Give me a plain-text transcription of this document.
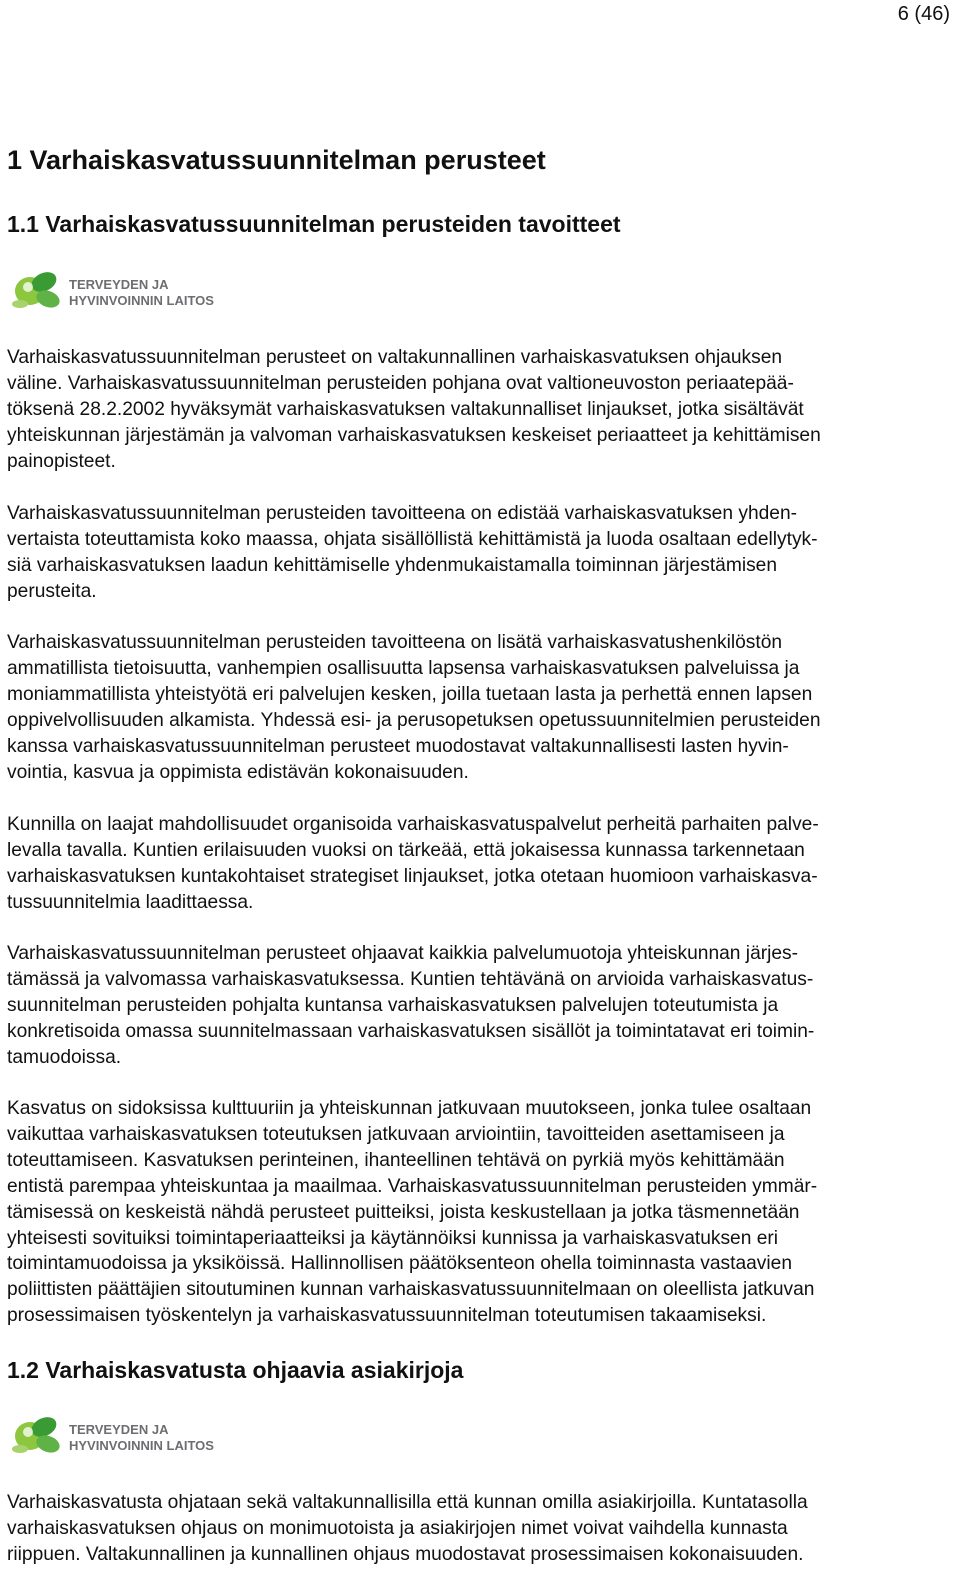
6 (46)
1 Varhaiskasvatussuunnitelman perusteet
1.1 Varhaiskasvatussuunnitelman perusteiden tavoitteet
TERVEYDEN JA
HYVINVOINNIN LAITOS

Varhaiskasvatussuunnitelman perusteet on valtakunnallinen varhaiskasvatuksen ohjauksen
väline. Varhaiskasvatussuunnitelman perusteiden pohjana ovat valtioneuvoston periaatepää-
töksenä 28.2.2002 hyväksymät varhaiskasvatuksen valtakunnalliset linjaukset, jotka sisältävät
yhteiskunnan järjestämän ja valvoman varhaiskasvatuksen keskeiset periaatteet ja kehittämisen
painopisteet.

Varhaiskasvatussuunnitelman perusteiden tavoitteena on edistää varhaiskasvatuksen yhden-
vertaista toteuttamista koko maassa, ohjata sisällöllistä kehittämistä ja luoda osaltaan edellytyk-
siä varhaiskasvatuksen laadun kehittämiselle yhdenmukaistamalla toiminnan järjestämisen
perusteita.

Varhaiskasvatussuunnitelman perusteiden tavoitteena on lisätä varhaiskasvatushenkilöstön
ammatillista tietoisuutta, vanhempien osallisuutta lapsensa varhaiskasvatuksen palveluissa ja
moniammatillista yhteistyötä eri palvelujen kesken, joilla tuetaan lasta ja perhettä ennen lapsen
oppivelvollisuuden alkamista. Yhdessä esi- ja perusopetuksen opetussuunnitelmien perusteiden
kanssa varhaiskasvatussuunnitelman perusteet muodostavat valtakunnallisesti lasten hyvin-
vointia, kasvua ja oppimista edistävän kokonaisuuden.

Kunnilla on laajat mahdollisuudet organisoida varhaiskasvatuspalvelut perheitä parhaiten palve-
levalla tavalla. Kuntien erilaisuuden vuoksi on tärkeää, että jokaisessa kunnassa tarkennetaan
varhaiskasvatuksen kuntakohtaiset strategiset linjaukset, jotka otetaan huomioon varhaiskasva-
tussuunnitelmia laadittaessa.

Varhaiskasvatussuunnitelman perusteet ohjaavat kaikkia palvelumuotoja yhteiskunnan järjes-
tämässä ja valvomassa varhaiskasvatuksessa. Kuntien tehtävänä on arvioida varhaiskasvatus-
suunnitelman perusteiden pohjalta kuntansa varhaiskasvatuksen palvelujen toteutumista ja
konkretisoida omassa suunnitelmassaan varhaiskasvatuksen sisällöt ja toimintatavat eri toimin-
tamuodoissa.

Kasvatus on sidoksissa kulttuuriin ja yhteiskunnan jatkuvaan muutokseen, jonka tulee osaltaan
vaikuttaa varhaiskasvatuksen toteutuksen jatkuvaan arviointiin, tavoitteiden asettamiseen ja
toteuttamiseen. Kasvatuksen perinteinen, ihanteellinen tehtävä on pyrkiä myös kehittämään
entistä parempaa yhteiskuntaa ja maailmaa. Varhaiskasvatussuunnitelman perusteiden ymmär-
tämisessä on keskeistä nähdä perusteet puitteiksi, joista keskustellaan ja jotka täsmennetään
yhteisesti sovituiksi toimintaperiaatteiksi ja käytännöiksi kunnissa ja varhaiskasvatuksen eri
toimintamuodoissa ja yksiköissä. Hallinnollisen päätöksenteon ohella toiminnasta vastaavien
poliittisten päättäjien sitoutuminen kunnan varhaiskasvatussuunnitelmaan on oleellista jatkuvan
prosessimaisen työskentelyn ja varhaiskasvatussuunnitelman toteutumisen takaamiseksi.

1.2 Varhaiskasvatusta ohjaavia asiakirjoja
TERVEYDEN JA
HYVINVOINNIN LAITOS

Varhaiskasvatusta ohjataan sekä valtakunnallisilla että kunnan omilla asiakirjoilla. Kuntatasolla
varhaiskasvatuksen ohjaus on monimuotoista ja asiakirjojen nimet voivat vaihdella kunnasta
riippuen. Valtakunnallinen ja kunnallinen ohjaus muodostavat prosessimaisen kokonaisuuden.
